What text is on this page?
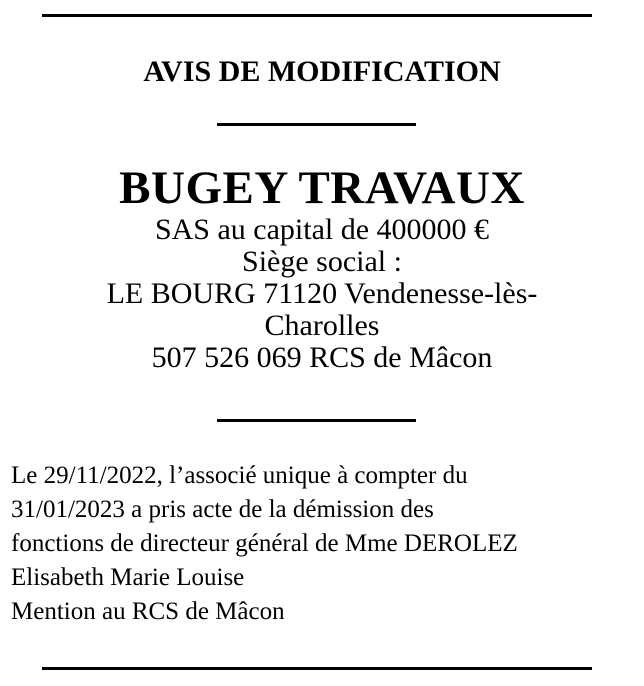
AVIS DE MODIFICATION
BUGEY TRAVAUX
SAS au capital de 400000 €
Siège social :
LE BOURG 71120 Vendenesse-lès-
Charolles
507 526 069 RCS de Mâcon
Le 29/11/2022, l’associé unique à compter du
31/01/2023 a pris acte de la démission des
fonctions de directeur général de Mme DEROLEZ
Elisabeth Marie Louise
Mention au RCS de Mâcon
